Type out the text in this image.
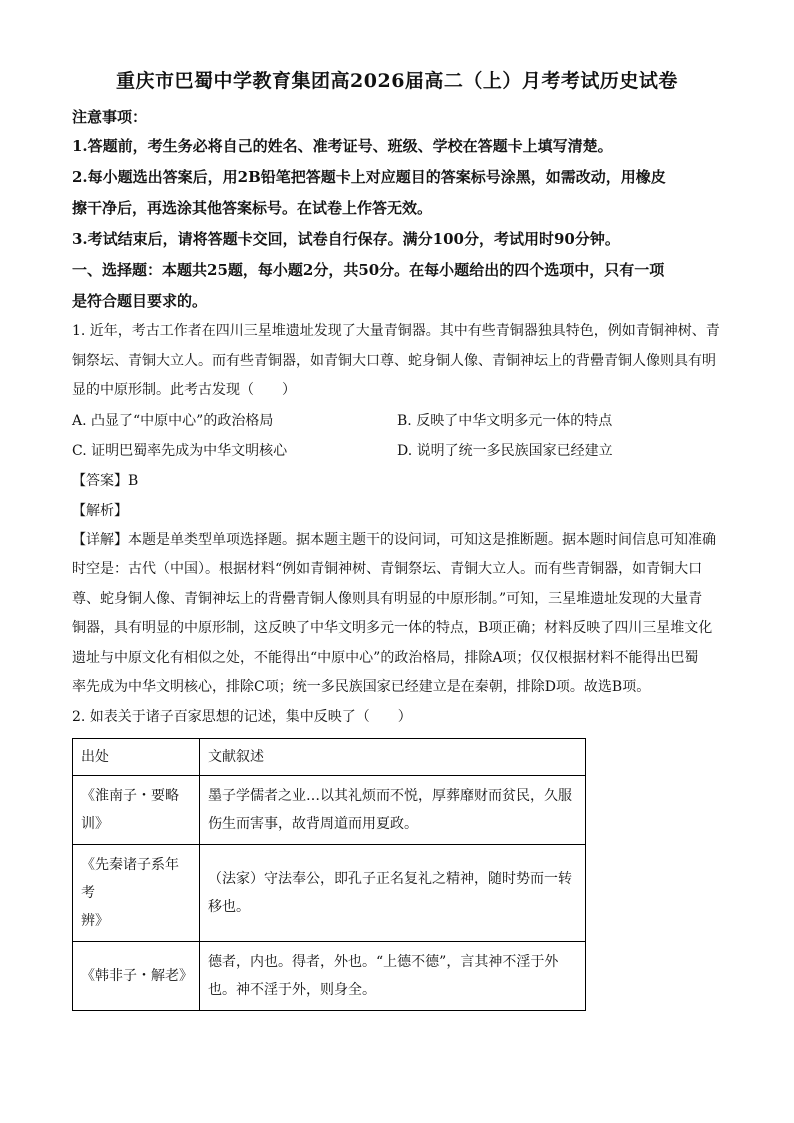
重庆市巴蜀中学教育集团高2026届高二（上）月考考试历史试卷

注意事项：

1.答题前，考生务必将自己的姓名、准考证号、班级、学校在答题卡上填写清楚。

2.每小题选出答案后，用2B铅笔把答题卡上对应题目的答案标号涂黑，如需改动，用橡皮

擦干净后，再选涂其他答案标号。在试卷上作答无效。

3.考试结束后，请将答题卡交回，试卷自行保存。满分100分，考试用时90分钟。

一、选择题：本题共25题，每小题2分，共50分。在每小题给出的四个选项中，只有一项

是符合题目要求的。

1. 近年，考古工作者在四川三星堆遗址发现了大量青铜器。其中有些青铜器独具特色，例如青铜神树、青

铜祭坛、青铜大立人。而有些青铜器，如青铜大口尊、蛇身铜人像、青铜神坛上的背罍青铜人像则具有明

显的中原形制。此考古发现（　　）

A. 凸显了“中原中心”的政治格局	B. 反映了中华文明多元一体的特点
C. 证明巴蜀率先成为中华文明核心	D. 说明了统一多民族国家已经建立

【答案】B

【解析】

【详解】本题是单类型单项选择题。据本题主题干的设问词，可知这是推断题。据本题时间信息可知准确

时空是：古代（中国）。根据材料“例如青铜神树、青铜祭坛、青铜大立人。而有些青铜器，如青铜大口

尊、蛇身铜人像、青铜神坛上的背罍青铜人像则具有明显的中原形制。”可知，三星堆遗址发现的大量青

铜器，具有明显的中原形制，这反映了中华文明多元一体的特点，B项正确；材料反映了四川三星堆文化

遗址与中原文化有相似之处，不能得出“中原中心”的政治格局，排除A项；仅仅根据材料不能得出巴蜀

率先成为中华文明核心，排除C项；统一多民族国家已经建立是在秦朝，排除D项。故选B项。

2. 如表关于诸子百家思想的记述，集中反映了（　　）

出处	文献叙述
《淮南子・要略
训》	墨子学儒者之业…以其礼烦而不悦，厚葬靡财而贫民，久服
伤生而害事，故背周道而用夏政。
《先秦诸子系年考
辨》	（法家）守法奉公，即孔子正名复礼之精神，随时势而一转
移也。
《韩非子・解老》	德者，内也。得者，外也。“上德不德”，言其神不淫于外
也。神不淫于外，则身全。
